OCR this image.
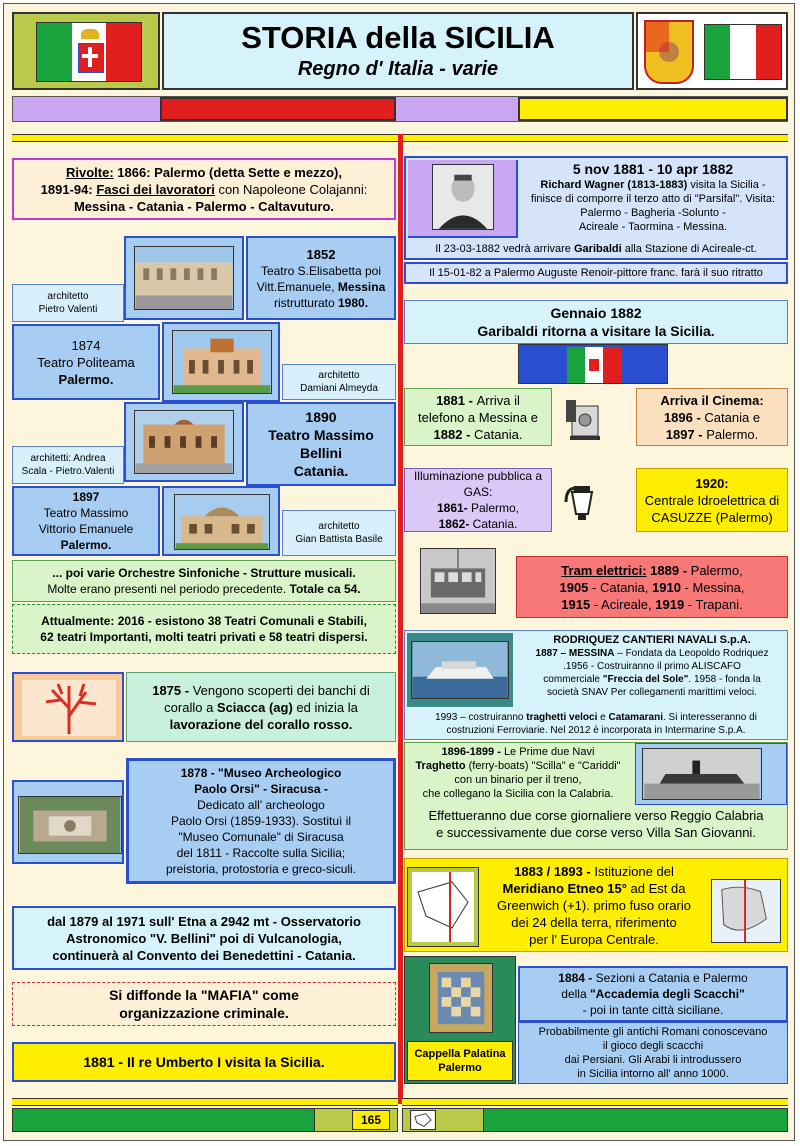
STORIA della SICILIA
Regno d' Italia - varie
Rivolte: 1866: Palermo (detta Sette e mezzo),
1891-94: Fasci dei lavoratori con Napoleone Colajanni:
Messina - Catania - Palermo - Caltavuturo.
1852
Teatro S.Elisabetta poi
Vitt.Emanuele, Messina
ristrutturato 1980.
architetto
Pietro Valenti
1874
Teatro Politeama
Palermo.	architetto
Damiani Almeyda
1890
Teatro Massimo
Bellini
Catania.
architetti: Andrea
Scala - Pietro.Valenti
1897
Teatro Massimo
Vittorio Emanuele
Palermo.
architetto
Gian Battista Basile
... poi varie Orchestre Sinfoniche - Strutture musicali.
Molte erano presenti nel periodo precedente. Totale ca 54.
Attualmente: 2016 - esistono 38 Teatri Comunali e Stabili,
62 teatri Importanti, molti teatri privati e 58 teatri dispersi.
1875 - Vengono scoperti dei banchi di
corallo a Sciacca (ag) ed inizia la
lavorazione del corallo rosso.
1878 - "Museo Archeologico
Paolo Orsi" - Siracusa -
Dedicato all' archeologo
Paolo Orsi (1859-1933). Sostituì il
"Museo Comunale" di Siracusa
del 1811 - Raccolte sulla Sicilia;
preistoria, protostoria e greco-siculi.
dal 1879 al 1971 sull' Etna a 2942 mt - Osservatorio
Astronomico "V. Bellini" poi di Vulcanologia,
continuerà al Convento dei Benedettini - Catania.
Si diffonde la "MAFIA" come
organizzazione criminale.
1881 - Il re Umberto I visita la Sicilia.
5 nov 1881 - 10 apr 1882
Richard Wagner (1813-1883) visita la Sicilia -
finisce di comporre il terzo atto di "Parsifal". Visita:
Palermo - Bagheria -Solunto -
Acireale - Taormina - Messina.
Il 23-03-1882 vedrà arrivare Garibaldi alla Stazione di Acireale-ct.
Il 15-01-82 a Palermo Auguste Renoir-pittore franc. farà il suo ritratto
Gennaio 1882
Garibaldi ritorna a visitare la Sicilia.
1881 - Arriva il
telefono a Messina e
1882 - Catania.
Arriva il Cinema:
1896 - Catania e
1897 - Palermo.
Illuminazione pubblica a
GAS:
1861- Palermo,
1862- Catania.
1920:
Centrale Idroelettrica di
CASUZZE (Palermo)
Tram elettrici: 1889 - Palermo,
1905 - Catania, 1910 - Messina,
1915 - Acireale, 1919 - Trapani.
RODRIQUEZ CANTIERI NAVALI S.p.A.
1887 – MESSINA – Fondata da Leopoldo Rodriquez
.1956 - Costruiranno il primo ALISCAFO
commerciale "Freccia del Sole". 1958 - fonda la
società SNAV Per collegamenti marittimi veloci.
1993 – costruiranno traghetti veloci e Catamarani. Si interesseranno di
costruzioni Ferroviarie. Nel 2012 è incorporata in Intermarine S.p.A.
1896-1899 - Le Prime due Navi
Traghetto (ferry-boats) "Scilla" e "Cariddi"
con un binario per il treno,
che collegano la Sicilia con la Calabria.
Effettueranno due corse giornaliere verso Reggio Calabria
e successivamente due corse verso Villa San Giovanni.
1883 / 1893 - Istituzione del
Meridiano Etneo 15° ad Est da
Greenwich (+1). primo fuso orario
dei 24 della terra, riferimento
per l' Europa Centrale.
Cappella Palatina
Palermo
1884 - Sezioni a Catania e Palermo
della "Accademia degli Scacchi"
- poi in tante città siciliane.
Probabilmente gli antichi Romani conoscevano
il gioco degli scacchi
dai Persiani. Gli Arabi li introdussero
in Sicilia intorno all' anno 1000.
165
